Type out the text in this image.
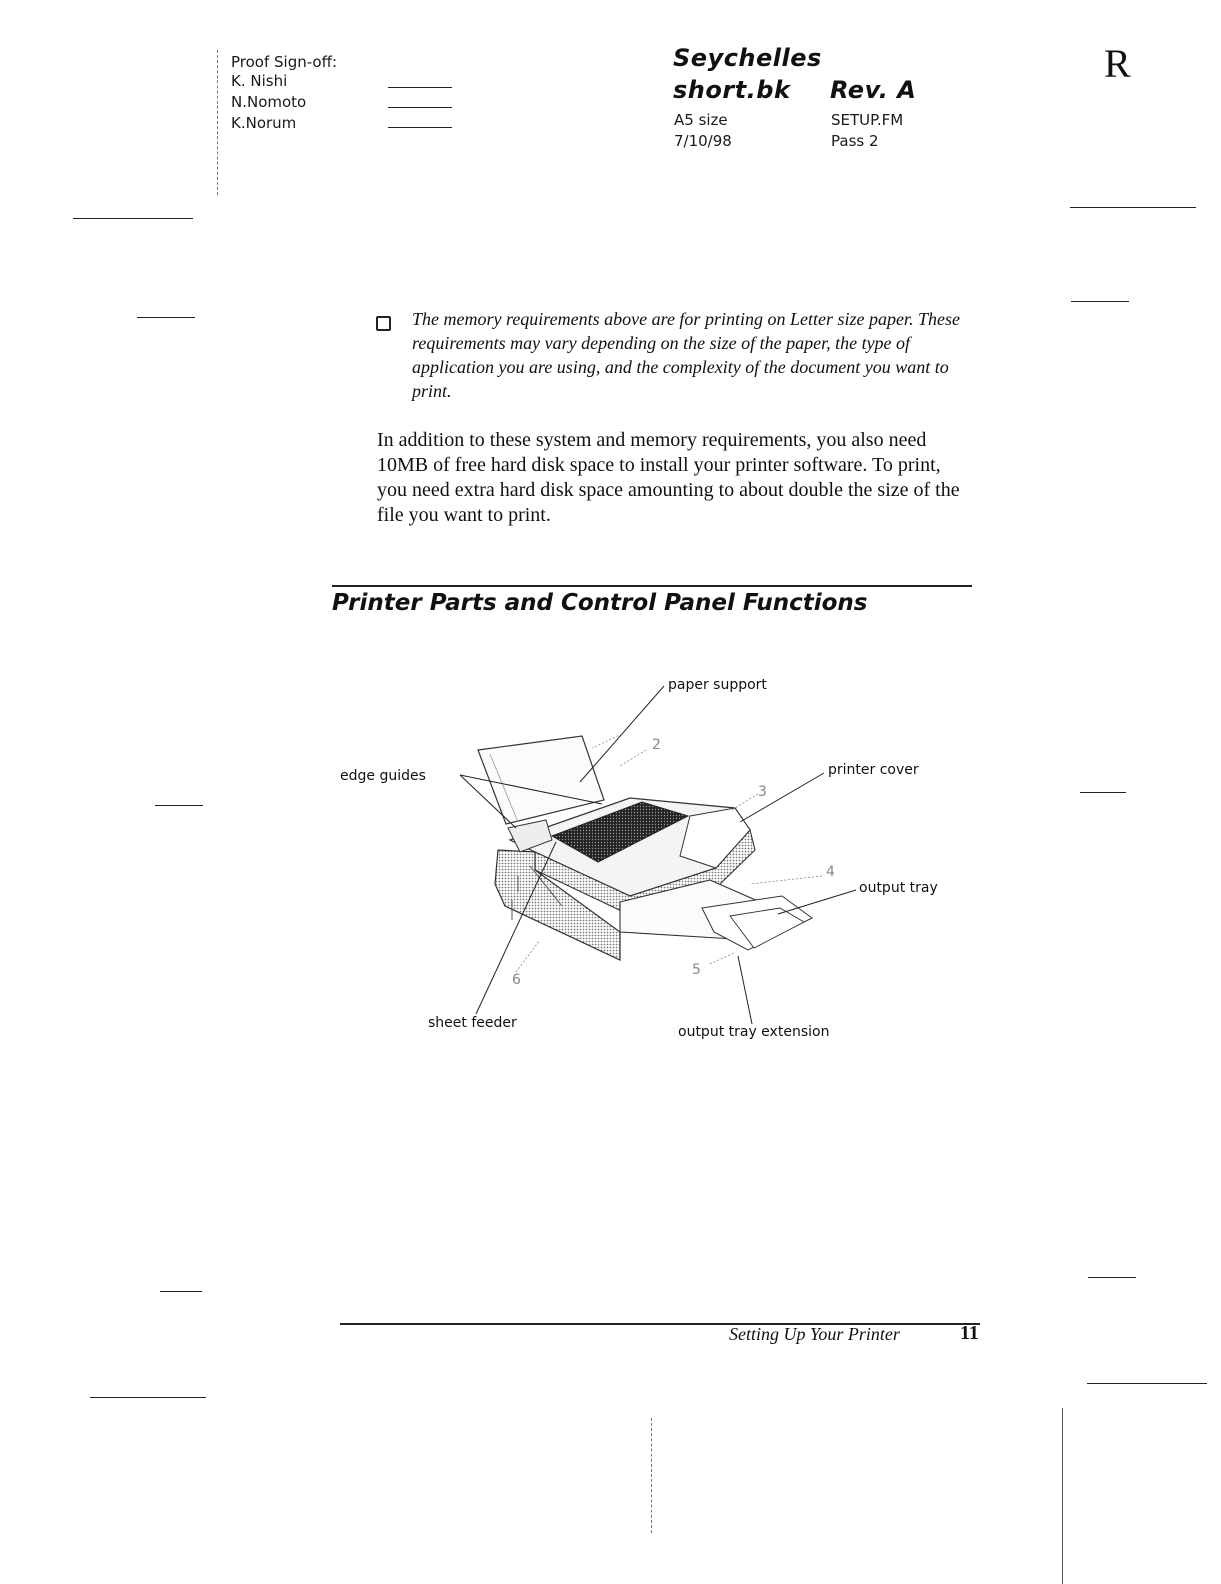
Proof Sign-off:
K. Nishi
N.Nomoto
K.Norum
Seychelles
short.bk Rev. A
A5 size
7/10/98
SETUP.FM
Pass 2
R
The memory requirements above are for printing on Letter size paper. These requirements may vary depending on the size of the paper, the type of application you are using, and the complexity of the document you want to print.
In addition to these system and memory requirements, you also need 10MB of free hard disk space to install your printer software. To print, you need extra hard disk space amounting to about double the size of the file you want to print.
Printer Parts and Control Panel Functions
2
3
4
5
6
paper support
edge guides	printer cover
output tray
sheet feeder
output tray extension
Setting Up Your Printer	11
